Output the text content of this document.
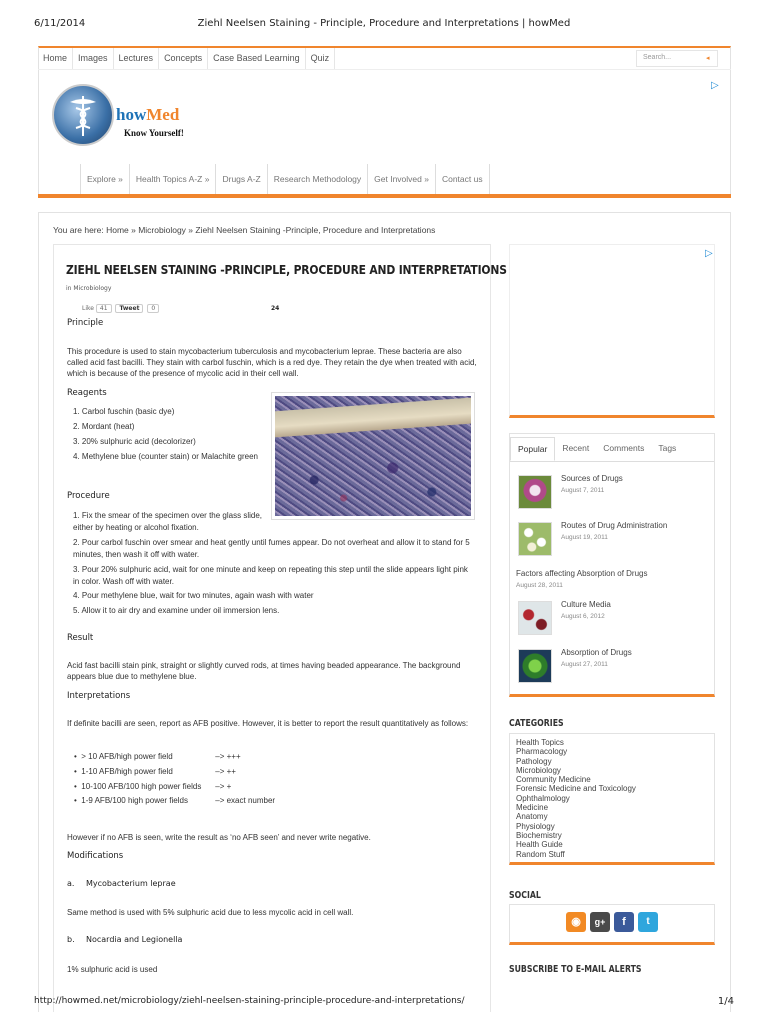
6/11/2014	Ziehl Neelsen Staining - Principle, Procedure and Interpretations | howMed
Home	Images	Lectures	Concepts	Case Based Learning	Quiz	Search...	◂
howMed
Know Yourself!
▷
Explore »	Health Topics A-Z »	Drugs A-Z	Research Methodology	Get Involved »	Contact us
You are here: Home » Microbiology » Ziehl Neelsen Staining -Principle, Procedure and Interpretations
ZIEHL NEELSEN STAINING -PRINCIPLE, PROCEDURE AND INTERPRETATIONS
in Microbiology
Like 41 Tweet 0	24
Principle
This procedure is used to stain mycobacterium tuberculosis and mycobacterium leprae. These bacteria are also called acid fast bacilli. They stain with carbol fuschin, which is a red dye. They retain the dye when treated with acid, which is because of the presence of mycolic acid in their cell wall.
Reagents
1. Carbol fuschin (basic dye)
2. Mordant (heat)
3. 20% sulphuric acid (decolorizer)
4. Methylene blue (counter stain) or Malachite green
Procedure
1. Fix the smear of the specimen over the glass slide, either by heating or alcohol fixation.
2. Pour carbol fuschin over smear and heat gently until fumes appear. Do not overheat and allow it to stand for 5 minutes, then wash it off with water.
3. Pour 20% sulphuric acid, wait for one minute and keep on repeating this step until the slide appears light pink in color. Wash off with water.
4. Pour methylene blue, wait for two minutes, again wash with water
5. Allow it to air dry and examine under oil immersion lens.
Result
Acid fast bacilli stain pink, straight or slightly curved rods, at times having beaded appearance. The background appears blue due to methylene blue.
Interpretations
If definite bacilli are seen, report as AFB positive. However, it is better to report the result quantitatively as follows:
•  > 10 AFB/high power field	–> +++
•  1-10 AFB/high power field	–> ++
•  10-100 AFB/100 high power fields –> +
•  1-9 AFB/100 high power fields	–> exact number
However if no AFB is seen, write the result as ‘no AFB seen’ and never write negative.
Modifications
a. Mycobacterium leprae
Same method is used with 5% sulphuric acid due to less mycolic acid in cell wall.
b. Nocardia and Legionella
1% sulphuric acid is used
▷
Popular	Recent	Comments	Tags
Sources of Drugs
August 7, 2011
Routes of Drug Administration
August 19, 2011
Factors affecting Absorption of Drugs
August 28, 2011
Culture Media
August 6, 2012
Absorption of Drugs
August 27, 2011
CATEGORIES
Health Topics
Pharmacology
Pathology
Microbiology
Community Medicine
Forensic Medicine and Toxicology
Ophthalmology
Medicine
Anatomy
Physiology
Biochemistry
Health Guide
Random Stuff
SOCIAL
◉	g+	f	t
SUBSCRIBE TO E-MAIL ALERTS
http://howmed.net/microbiology/ziehl-neelsen-staining-principle-procedure-and-interpretations/	1/4
